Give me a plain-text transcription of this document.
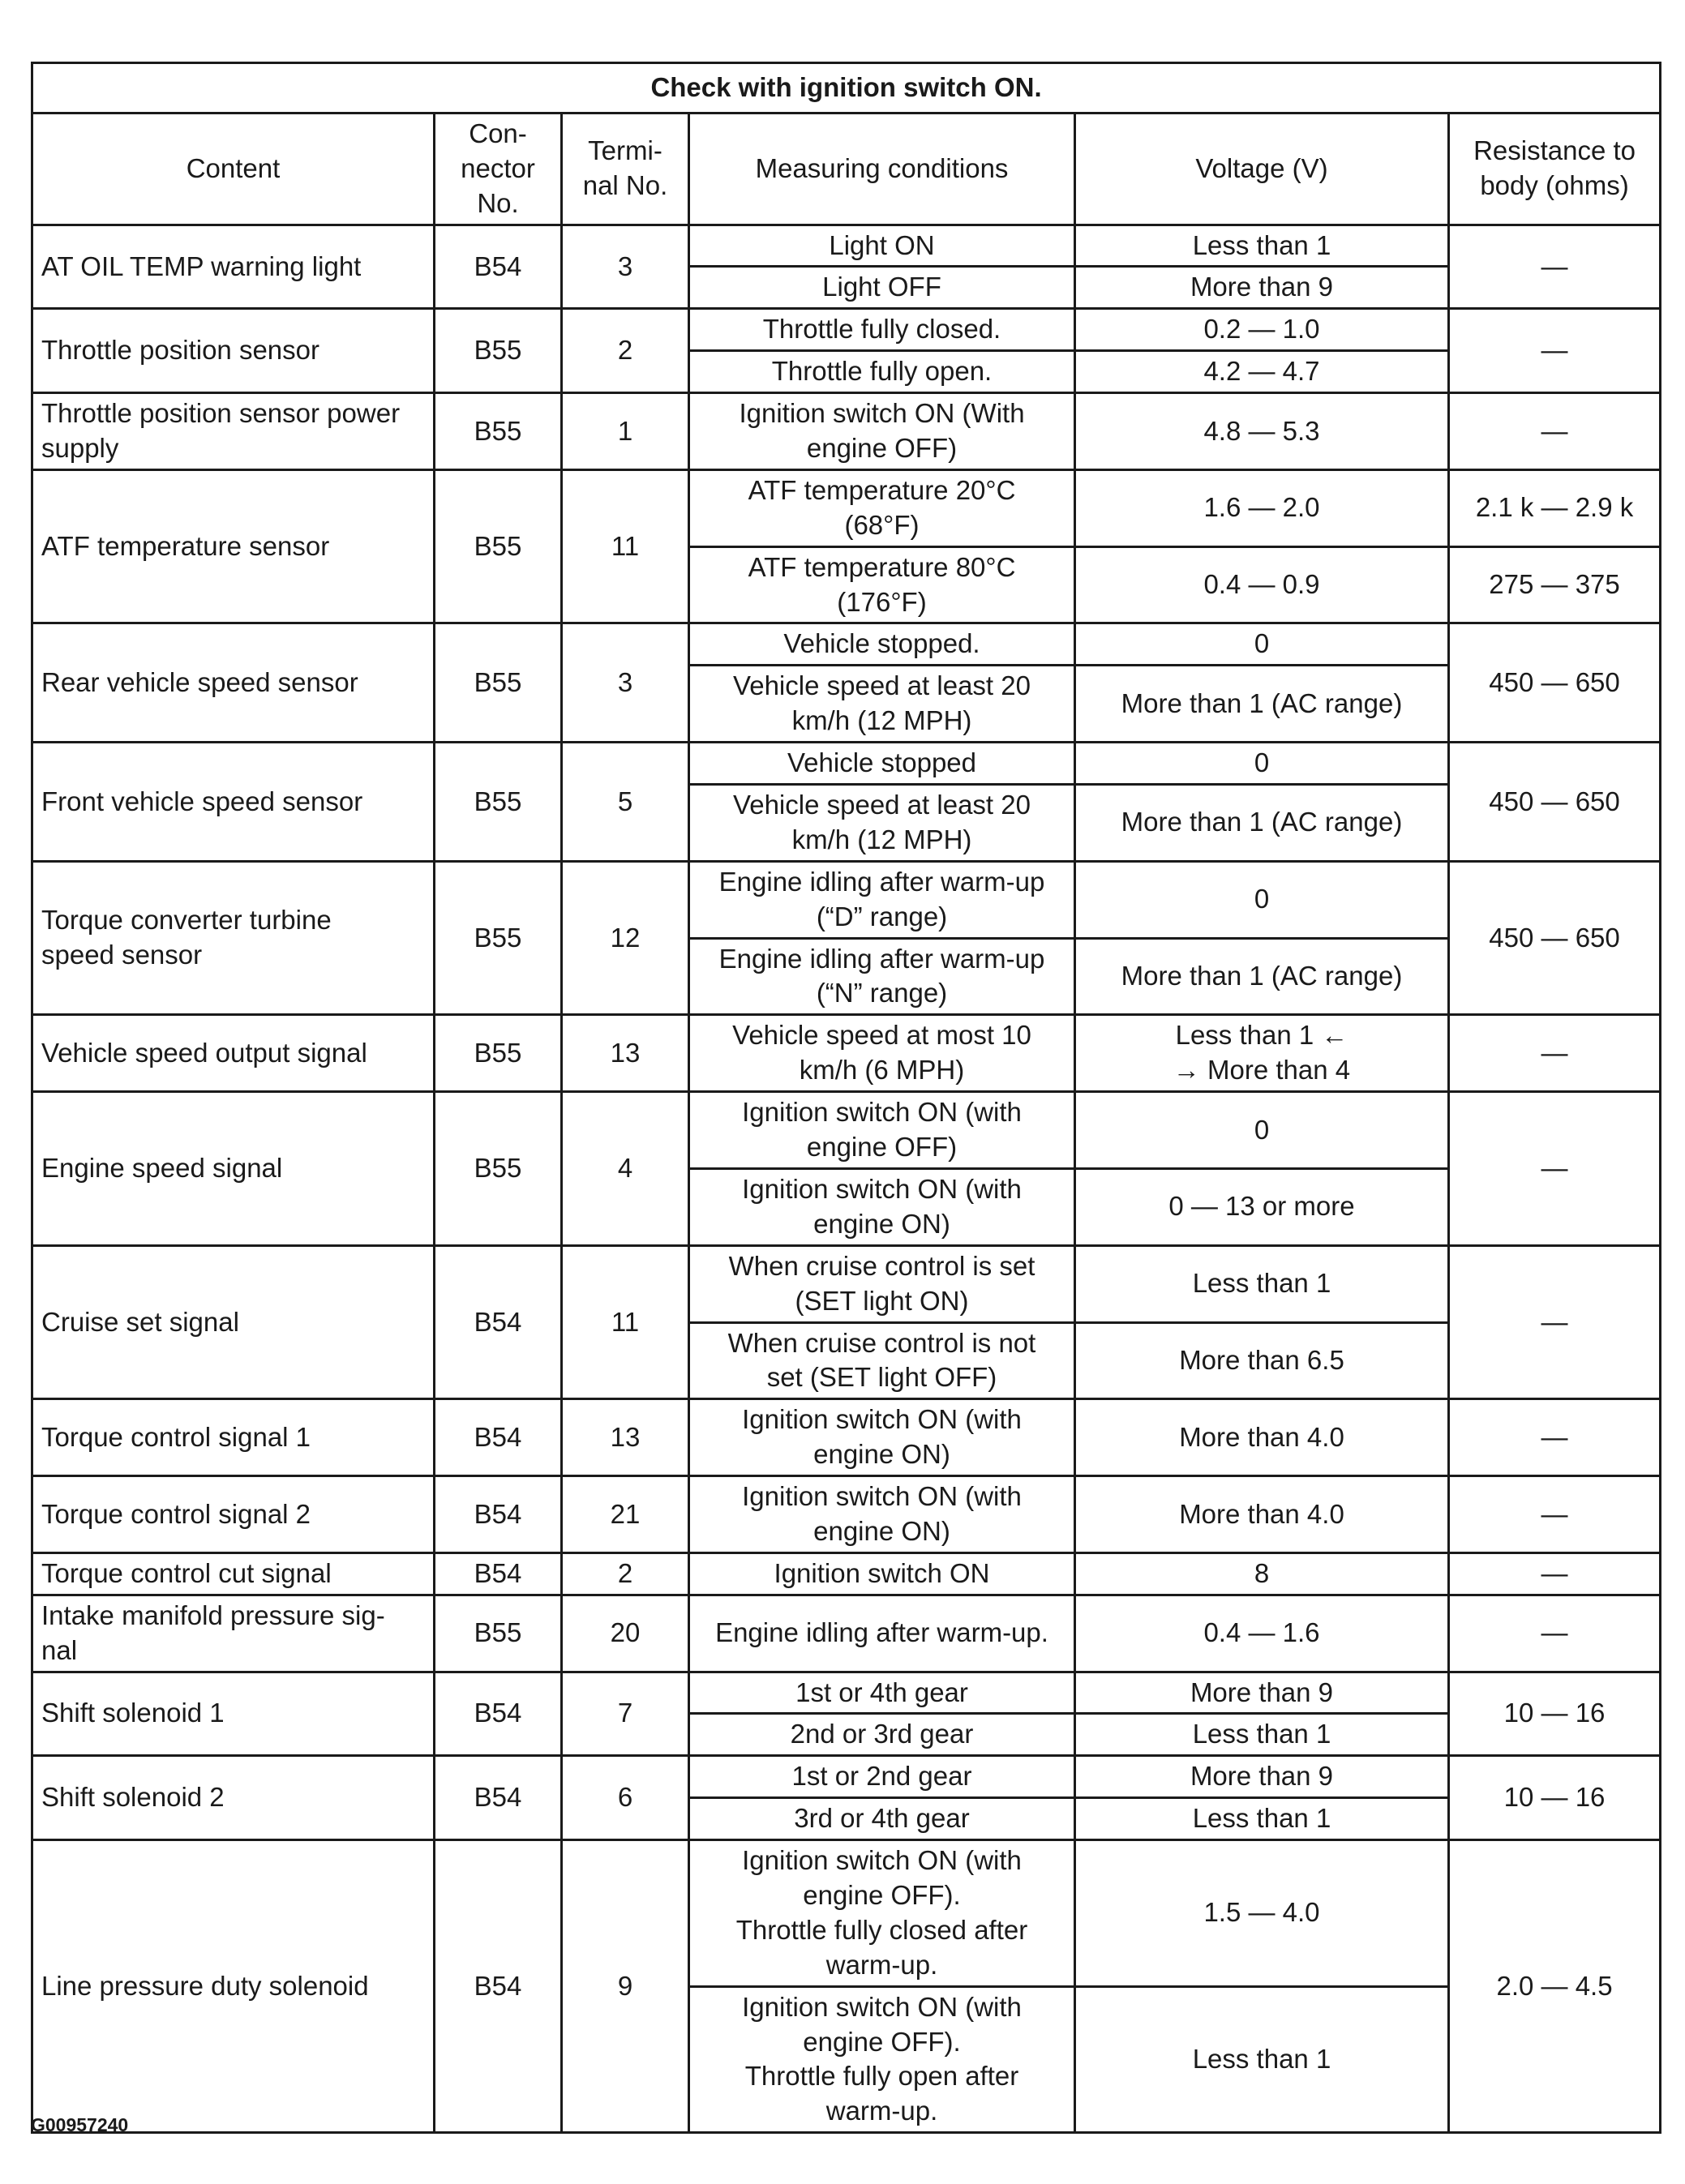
Check with ignition switch ON.					
Content	Con-
nector
No.	Termi-
nal No.	Measuring conditions	Voltage (V)	Resistance to
body (ohms)
AT OIL TEMP warning light	B54	3	Light ON	Less than 1	—
			Light OFF	More than 9	
Throttle position sensor	B55	2	Throttle fully closed.	0.2 — 1.0	—
			Throttle fully open.	4.2 — 4.7	
Throttle position sensor power
supply	B55	1	Ignition switch ON (With
engine OFF)	4.8 — 5.3	—
ATF temperature sensor	B55	11	ATF temperature 20°C
(68°F)	1.6 — 2.0	2.1 k — 2.9 k
			ATF temperature 80°C
(176°F)	0.4 — 0.9	275 — 375
Rear vehicle speed sensor	B55	3	Vehicle stopped.	0	450 — 650
			Vehicle speed at least 20
km/h (12 MPH)	More than 1 (AC range)	
Front vehicle speed sensor	B55	5	Vehicle stopped	0	450 — 650
			Vehicle speed at least 20
km/h (12 MPH)	More than 1 (AC range)	
Torque converter turbine
speed sensor	B55	12	Engine idling after warm-up
(“D” range)	0	450 — 650
			Engine idling after warm-up
(“N” range)	More than 1 (AC range)	
Vehicle speed output signal	B55	13	Vehicle speed at most 10
km/h (6 MPH)	Less than 1 ←
→ More than 4	—
Engine speed signal	B55	4	Ignition switch ON (with
engine OFF)	0	—
			Ignition switch ON (with
engine ON)	0 — 13 or more	
Cruise set signal	B54	11	When cruise control is set
(SET light ON)	Less than 1	—
			When cruise control is not
set (SET light OFF)	More than 6.5	
Torque control signal 1	B54	13	Ignition switch ON (with
engine ON)	More than 4.0	—
Torque control signal 2	B54	21	Ignition switch ON (with
engine ON)	More than 4.0	—
Torque control cut signal	B54	2	Ignition switch ON	8	—
Intake manifold pressure sig-
nal	B55	20	Engine idling after warm-up.	0.4 — 1.6	—
Shift solenoid 1	B54	7	1st or 4th gear	More than 9	10 — 16
			2nd or 3rd gear	Less than 1	
Shift solenoid 2	B54	6	1st or 2nd gear	More than 9	10 — 16
			3rd or 4th gear	Less than 1	
Line pressure duty solenoid	B54	9	Ignition switch ON (with
engine OFF).
Throttle fully closed after
warm-up.	1.5 — 4.0	2.0 — 4.5
			Ignition switch ON (with
engine OFF).
Throttle fully open after
warm-up.	Less than 1	
G00957240
